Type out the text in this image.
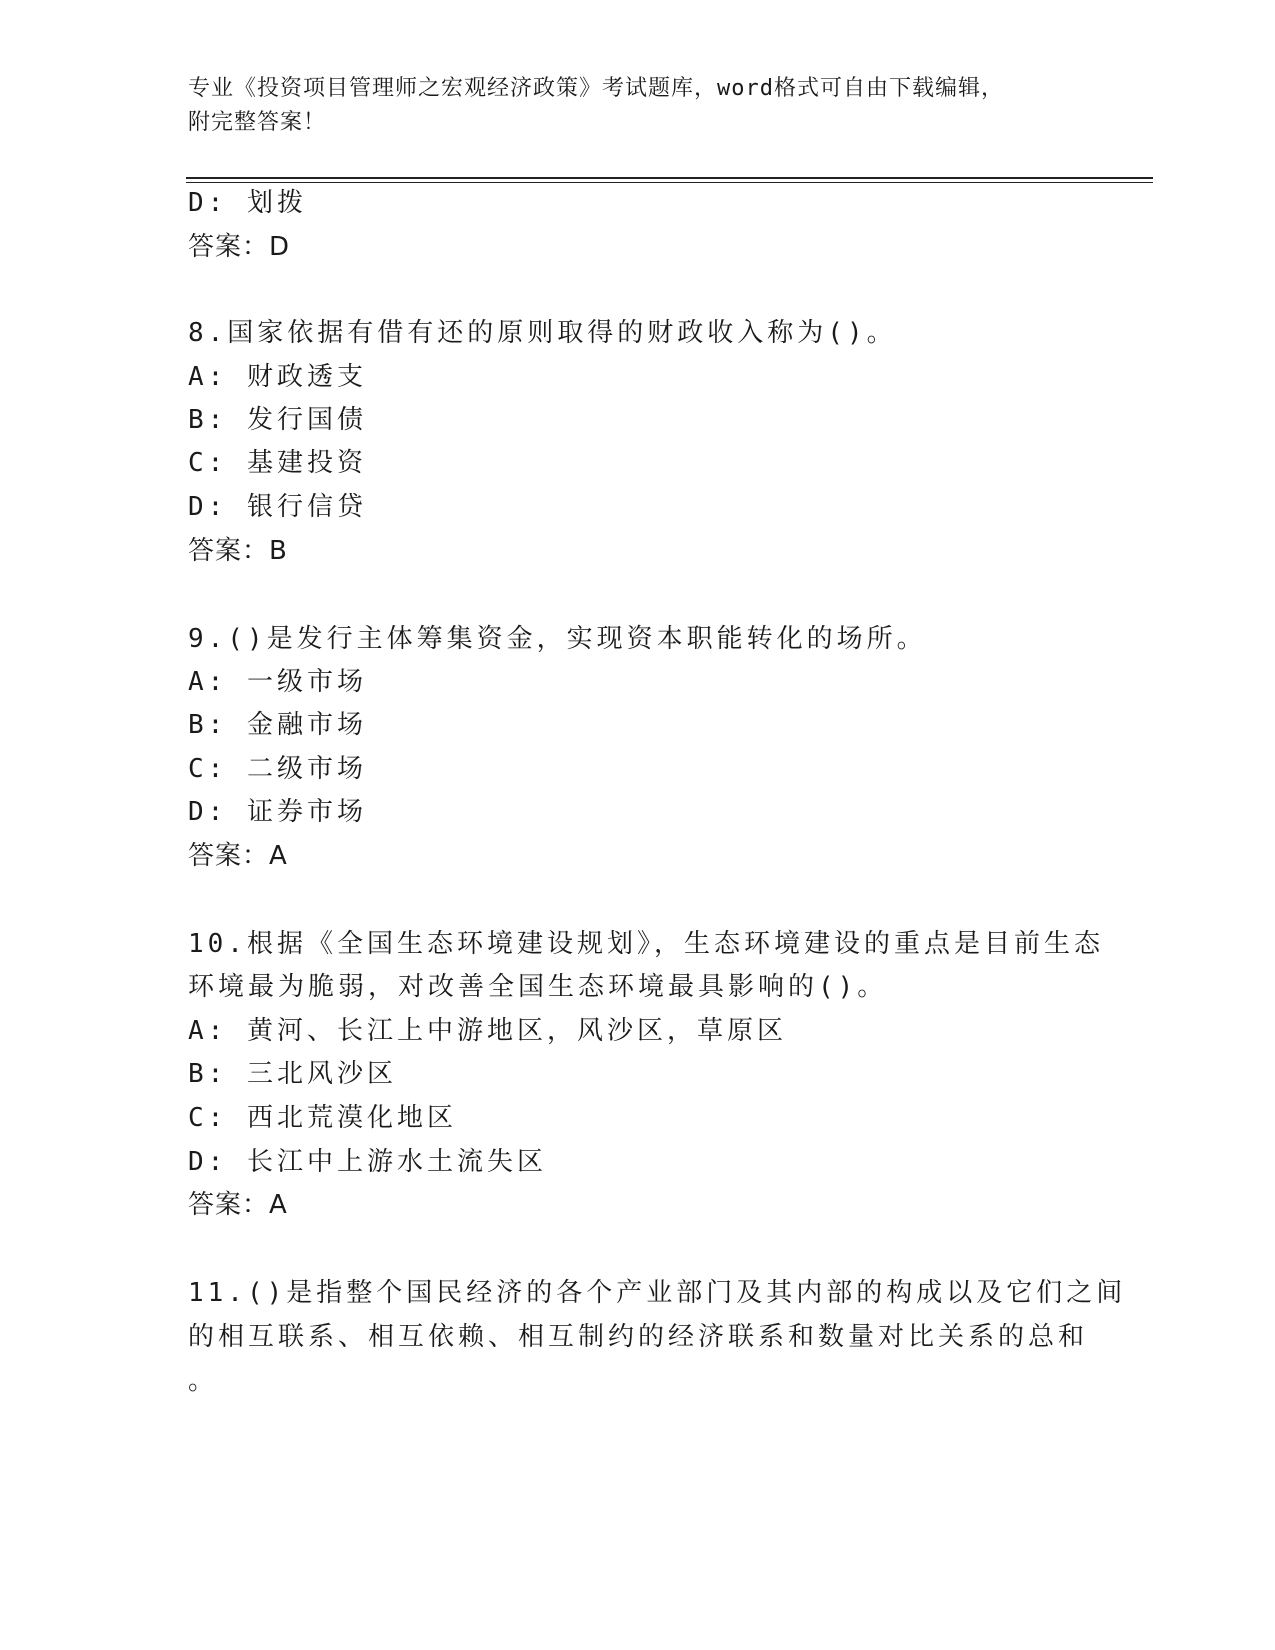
专业《投资项目管理师之宏观经济政策》考试题库，word格式可自由下载编辑，
附完整答案！
D: 划拨
答案：D
8.国家依据有借有还的原则取得的财政收入称为()。
A: 财政透支
B: 发行国债
C: 基建投资
D: 银行信贷
答案：B
9.()是发行主体筹集资金，实现资本职能转化的场所。
A: 一级市场
B: 金融市场
C: 二级市场
D: 证券市场
答案：A
10.根据《全国生态环境建设规划》，生态环境建设的重点是目前生态
环境最为脆弱，对改善全国生态环境最具影响的()。
A: 黄河、长江上中游地区，风沙区，草原区
B: 三北风沙区
C: 西北荒漠化地区
D: 长江中上游水土流失区
答案：A
11.()是指整个国民经济的各个产业部门及其内部的构成以及它们之间
的相互联系、相互依赖、相互制约的经济联系和数量对比关系的总和
。
